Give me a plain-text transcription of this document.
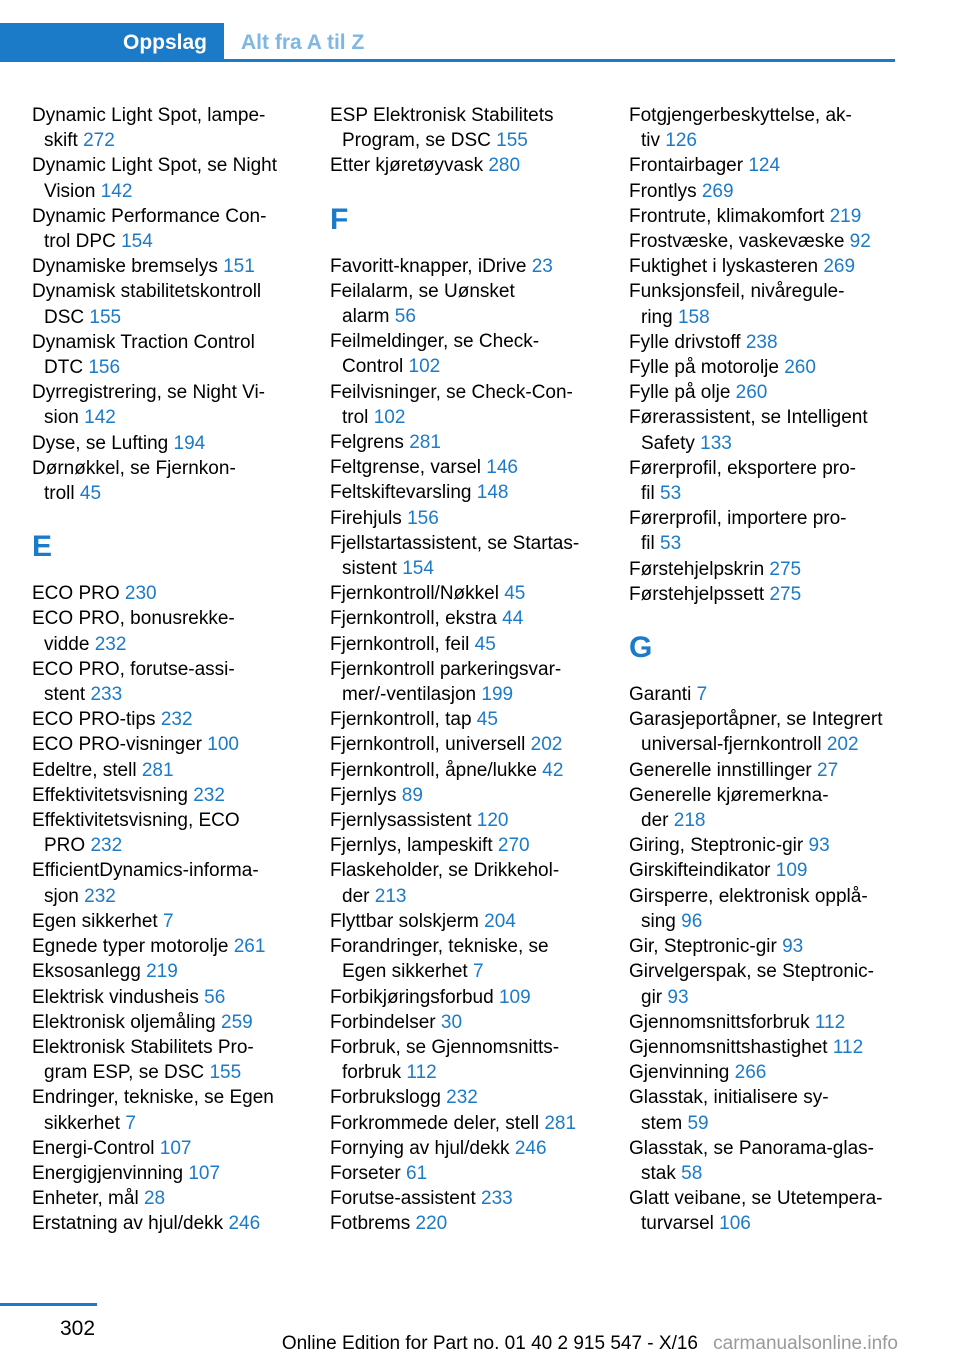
Oppslag Alt fra A til Z
Dynamic Light Spot, lampe‐
skift 272
Dynamic Light Spot, se Night
Vision 142
Dynamic Performance Con‐
trol DPC 154
Dynamiske bremselys 151
Dynamisk stabilitetskontroll
DSC 155
Dynamisk Traction Control
DTC 156
Dyrregistrering, se Night Vi‐
sion 142
Dyse, se Lufting 194
Dørnøkkel, se Fjernkon‐
troll 45
E
ECO PRO 230
ECO PRO, bonusrekke‐
vidde 232
ECO PRO, forutse-assi‐
stent 233
ECO PRO-tips 232
ECO PRO-visninger 100
Edeltre, stell 281
Effektivitetsvisning 232
Effektivitetsvisning, ECO
PRO 232
EfficientDynamics-informa‐
sjon 232
Egen sikkerhet 7
Egnede typer motorolje 261
Eksosanlegg 219
Elektrisk vindusheis 56
Elektronisk oljemåling 259
Elektronisk Stabilitets Pro‐
gram ESP, se DSC 155
Endringer, tekniske, se Egen
sikkerhet 7
Energi-Control 107
Energigjenvinning 107
Enheter, mål 28
Erstatning av hjul/dekk 246
ESP Elektronisk Stabilitets
Program, se DSC 155
Etter kjøretøyvask 280
F
Favoritt-knapper, iDrive 23
Feilalarm, se Uønsket
alarm 56
Feilmeldinger, se Check-
Control 102
Feilvisninger, se Check-Con‐
trol 102
Felgrens 281
Feltgrense, varsel 146
Feltskiftevarsling 148
Firehjuls 156
Fjellstartassistent, se Startas‐
sistent 154
Fjernkontroll/Nøkkel 45
Fjernkontroll, ekstra 44
Fjernkontroll, feil 45
Fjernkontroll parkeringsvar‐
mer/-ventilasjon 199
Fjernkontroll, tap 45
Fjernkontroll, universell 202
Fjernkontroll, åpne/lukke 42
Fjernlys 89
Fjernlysassistent 120
Fjernlys, lampeskift 270
Flaskeholder, se Drikkehol‐
der 213
Flyttbar solskjerm 204
Forandringer, tekniske, se
Egen sikkerhet 7
Forbikjøringsforbud 109
Forbindelser 30
Forbruk, se Gjennomsnitts‐
forbruk 112
Forbrukslogg 232
Forkrommede deler, stell 281
Fornying av hjul/dekk 246
Forseter 61
Forutse-assistent 233
Fotbrems 220
Fotgjengerbeskyttelse, ak‐
tiv 126
Frontairbager 124
Frontlys 269
Frontrute, klimakomfort 219
Frostvæske, vaskevæske 92
Fuktighet i lyskasteren 269
Funksjonsfeil, nivåregule‐
ring 158
Fylle drivstoff 238
Fylle på motorolje 260
Fylle på olje 260
Førerassistent, se Intelligent
Safety 133
Førerprofil, eksportere pro‐
fil 53
Førerprofil, importere pro‐
fil 53
Førstehjelpskrin 275
Førstehjelpssett 275
G
Garanti 7
Garasjeportåpner, se Integrert
universal-fjernkontroll 202
Generelle innstillinger 27
Generelle kjøremerkna‐
der 218
Giring, Steptronic-gir 93
Girskifteindikator 109
Girsperre, elektronisk opplå‐
sing 96
Gir, Steptronic-gir 93
Girvelgerspak, se Steptronic-
gir 93
Gjennomsnittsforbruk 112
Gjennomsnittshastighet 112
Gjenvinning 266
Glasstak, initialisere sy‐
stem 59
Glasstak, se Panorama-glas‐
stak 58
Glatt veibane, se Utetempera‐
turvarsel 106
302
Online Edition for Part no. 01 40 2 915 547 - X/16 carmanualsonline.info
